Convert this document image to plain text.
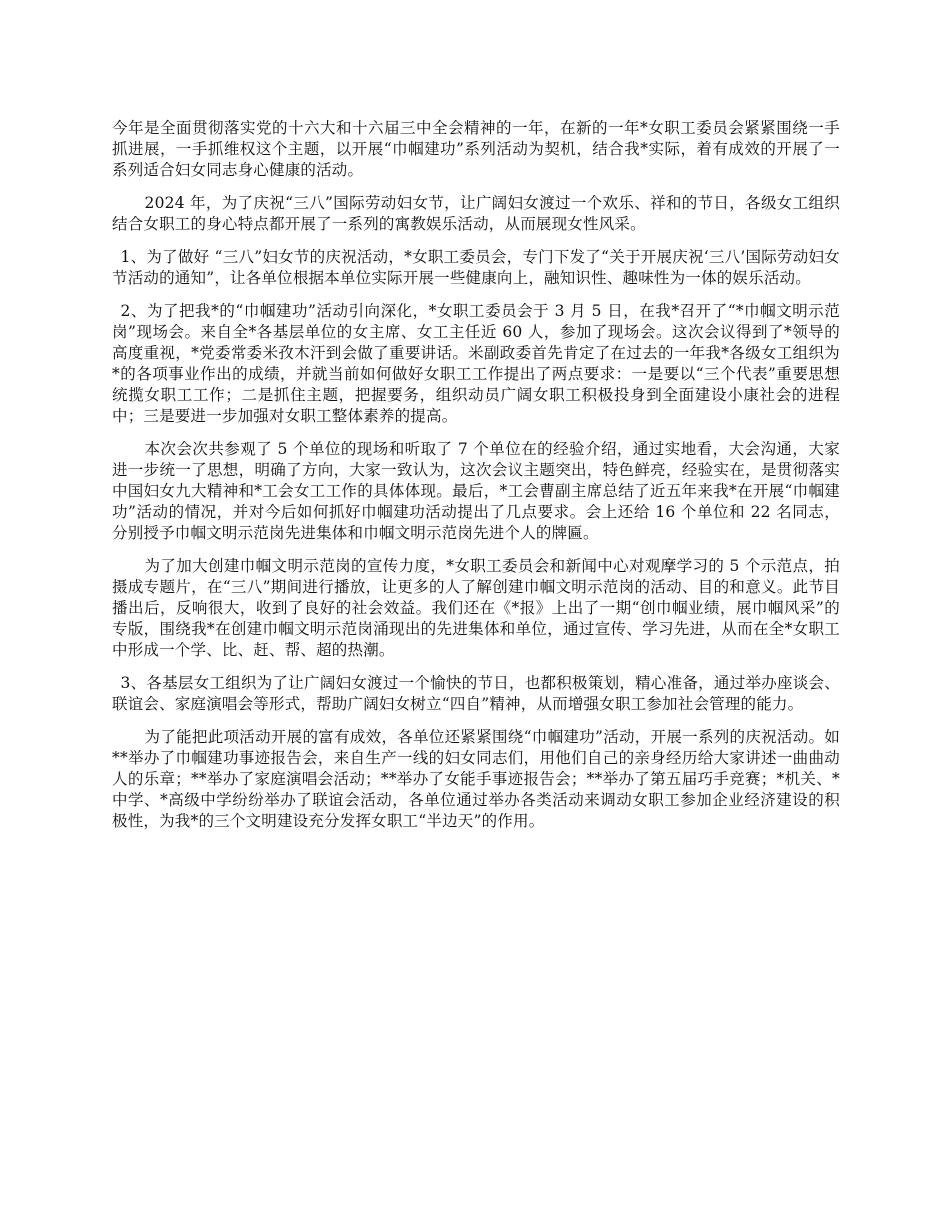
今年是全面贯彻落实党的十六大和十六届三中全会精神的一年，在新的一年*女职工委员会紧紧围绕一手抓进展，一手抓维权这个主题，以开展“巾帼建功”系列活动为契机，结合我*实际，着有成效的开展了一系列适合妇女同志身心健康的活动。

2024 年，为了庆祝“三八”国际劳动妇女节，让广阔妇女渡过一个欢乐、祥和的节日，各级女工组织结合女职工的身心特点都开展了一系列的寓教娱乐活动，从而展现女性风采。

1、为了做好 “三八”妇女节的庆祝活动，*女职工委员会，专门下发了“关于开展庆祝‘三八’国际劳动妇女节活动的通知”，让各单位根据本单位实际开展一些健康向上，融知识性、趣味性为一体的娱乐活动。

2、为了把我*的“巾帼建功”活动引向深化，*女职工委员会于 3 月 5 日，在我*召开了“*巾帼文明示范岗”现场会。来自全*各基层单位的女主席、女工主任近 60 人，参加了现场会。这次会议得到了*领导的高度重视，*党委常委米孜木汗到会做了重要讲话。米副政委首先肯定了在过去的一年我*各级女工组织为*的各项事业作出的成绩，并就当前如何做好女职工工作提出了两点要求：一是要以“三个代表”重要思想统揽女职工工作；二是抓住主题，把握要务，组织动员广阔女职工积极投身到全面建设小康社会的进程中；三是要进一步加强对女职工整体素养的提高。

本次会次共参观了 5 个单位的现场和听取了 7 个单位在的经验介绍，通过实地看，大会沟通，大家进一步统一了思想，明确了方向，大家一致认为，这次会议主题突出，特色鲜亮，经验实在，是贯彻落实中国妇女九大精神和*工会女工工作的具体体现。最后，*工会曹副主席总结了近五年来我*在开展“巾帼建功”活动的情况，并对今后如何抓好巾帼建功活动提出了几点要求。会上还给 16 个单位和 22 名同志，分别授予巾帼文明示范岗先进集体和巾帼文明示范岗先进个人的牌匾。

为了加大创建巾帼文明示范岗的宣传力度，*女职工委员会和新闻中心对观摩学习的 5 个示范点，拍摄成专题片，在“三八”期间进行播放，让更多的人了解创建巾帼文明示范岗的活动、目的和意义。此节目播出后，反响很大，收到了良好的社会效益。我们还在《*报》上出了一期“创巾帼业绩，展巾帼风采”的专版，围绕我*在创建巾帼文明示范岗涌现出的先进集体和单位，通过宣传、学习先进，从而在全*女职工中形成一个学、比、赶、帮、超的热潮。

3、各基层女工组织为了让广阔妇女渡过一个愉快的节日，也都积极策划，精心准备，通过举办座谈会、联谊会、家庭演唱会等形式，帮助广阔妇女树立“四自”精神，从而增强女职工参加社会管理的能力。

为了能把此项活动开展的富有成效，各单位还紧紧围绕“巾帼建功”活动，开展一系列的庆祝活动。如**举办了巾帼建功事迹报告会，来自生产一线的妇女同志们，用他们自己的亲身经历给大家讲述一曲曲动人的乐章；**举办了家庭演唱会活动；**举办了女能手事迹报告会；**举办了第五届巧手竞赛；*机关、*中学、*高级中学纷纷举办了联谊会活动，各单位通过举办各类活动来调动女职工参加企业经济建设的积极性，为我*的三个文明建设充分发挥女职工“半边天”的作用。
